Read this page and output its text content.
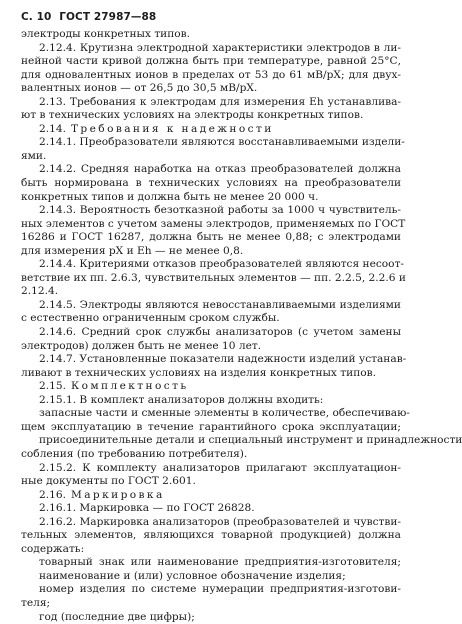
С. 10 ГОСТ 27987—88
электроды конкретных типов.
2.12.4. Крутизна электродной характеристики электродов в ли-
нейной части кривой должна быть при температуре, равной 25°С,
для одновалентных ионов в пределах от 53 до 61 мВ/рХ; для двух-
валентных ионов — от 26,5 до 30,5 мВ/рХ.
2.13. Требования к электродам для измерения Eh устанавлива-
ют в технических условиях на электроды конкретных типов.
2.14. Требования к надежности
2.14.1. Преобразователи являются восстанавливаемыми издели-
ями.
2.14.2. Средняя наработка на отказ преобразователей должна
быть нормирована в технических условиях на преобразователи
конкретных типов и должна быть не менее 20 000 ч.
2.14.3. Вероятность безотказной работы за 1000 ч чувствитель-
ных элементов с учетом замены электродов, применяемых по ГОСТ
16286 и ГОСТ 16287, должна быть не менее 0,88; с электродами
для измерения рХ и Eh — не менее 0,8.
2.14.4. Критериями отказов преобразователей являются несоот-
ветствие их пп. 2.6.3, чувствительных элементов — пп. 2.2.5, 2.2.6 и
2.12.4.
2.14.5. Электроды являются невосстанавливаемыми изделиями
с естественно ограниченным сроком службы.
2.14.6. Средний срок службы анализаторов (с учетом замены
электродов) должен быть не менее 10 лет.
2.14.7. Установленные показатели надежности изделий устанав-
ливают в технических условиях на изделия конкретных типов.
2.15. Комплектность
2.15.1. В комплект анализаторов должны входить:
запасные части и сменные элементы в количестве, обеспечиваю-
щем эксплуатацию в течение гарантийного срока эксплуатации;
присоединительные детали и специальный инструмент и принадлежности
собления (по требованию потребителя).
2.15.2. К комплекту анализаторов прилагают эксплуатацион-
ные документы по ГОСТ 2.601.
2.16. Маркировка
2.16.1. Маркировка — по ГОСТ 26828.
2.16.2. Маркировка анализаторов (преобразователей и чувстви-
тельных элементов, являющихся товарной продукцией) должна
содержать:
товарный знак или наименование предприятия-изготовителя;
наименование и (или) условное обозначение изделия;
номер изделия по системе нумерации предприятия-изготови-
теля;
год (последние две цифры);
